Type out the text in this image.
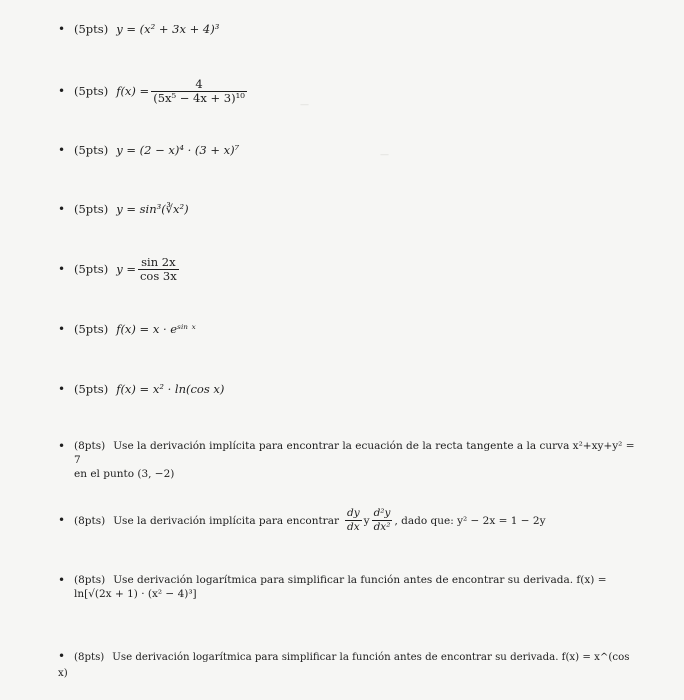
—
—
• (5pts) y = (x² + 3x + 4)³
• (5pts) $f(x) = \frac{4}{\text{(5x⁵ − 4x + 3)¹⁰}}$
• (5pts) y = (2 − x)⁴ · (3 + x)⁷
• (5pts) y = sin³(∛x²)
• (5pts) $y = \frac{\sin 2x}{\cos 3x}$
• (5pts) f(x) = x · eˢⁱⁿ ˣ
• (5pts) f(x) = x² · ln(cos x)
• (8pts) Use la derivación implícita para encontrar la ecuación de la recta tangente a la curva x²+xy+y² = 7
en el punto (3, −2)
• (8pts) Use la derivación implícita para encontrar $\frac{dy}{dx}$ y $\frac{\text{d²y}}{\text{dx²}}$ , dado que: y² − 2x = 1 − 2y
• (8pts) Use derivación logarítmica para simplificar la función antes de encontrar su derivada. f(x) =
ln[√(2x + 1) · (x² − 4)³]
• (8pts) Use derivación logarítmica para simplificar la función antes de encontrar su derivada. f(x) = x^(cos x)
